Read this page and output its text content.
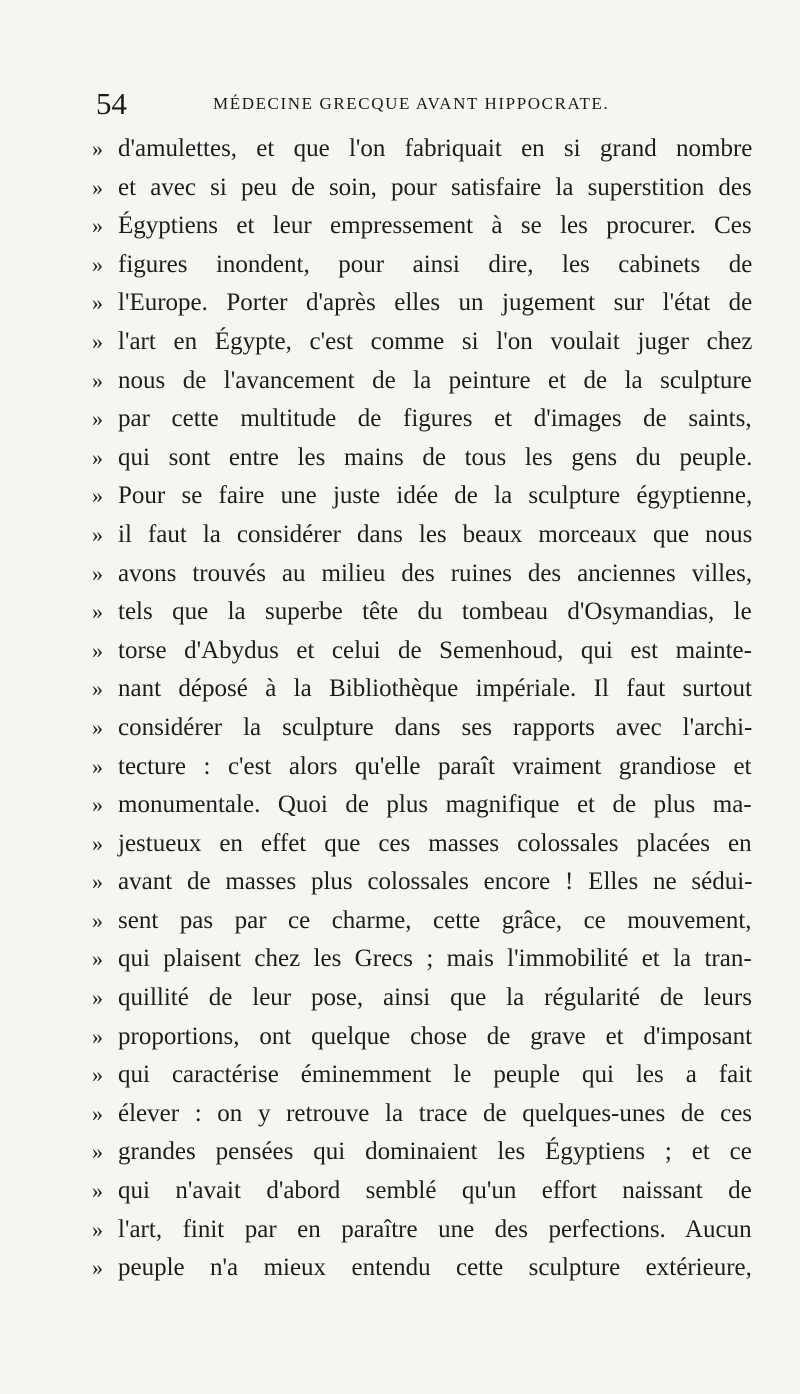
54	MÉDECINE GRECQUE AVANT HIPPOCRATE.
» d'amulettes, et que l'on fabriquait en si grand nombre
» et avec si peu de soin, pour satisfaire la superstition des
» Égyptiens et leur empressement à se les procurer. Ces
» figures inondent, pour ainsi dire, les cabinets de
» l'Europe. Porter d'après elles un jugement sur l'état de
» l'art en Égypte, c'est comme si l'on voulait juger chez
» nous de l'avancement de la peinture et de la sculpture
» par cette multitude de figures et d'images de saints,
» qui sont entre les mains de tous les gens du peuple.
» Pour se faire une juste idée de la sculpture égyptienne,
» il faut la considérer dans les beaux morceaux que nous
» avons trouvés au milieu des ruines des anciennes villes,
» tels que la superbe tête du tombeau d'Osymandias, le
» torse d'Abydus et celui de Semenhoud, qui est mainte-
» nant déposé à la Bibliothèque impériale. Il faut surtout
» considérer la sculpture dans ses rapports avec l'archi-
» tecture : c'est alors qu'elle paraît vraiment grandiose et
» monumentale. Quoi de plus magnifique et de plus ma-
» jestueux en effet que ces masses colossales placées en
» avant de masses plus colossales encore ! Elles ne sédui-
» sent pas par ce charme, cette grâce, ce mouvement,
» qui plaisent chez les Grecs ; mais l'immobilité et la tran-
» quillité de leur pose, ainsi que la régularité de leurs
» proportions, ont quelque chose de grave et d'imposant
» qui caractérise éminemment le peuple qui les a fait
» élever : on y retrouve la trace de quelques-unes de ces
» grandes pensées qui dominaient les Égyptiens ; et ce
» qui n'avait d'abord semblé qu'un effort naissant de
» l'art, finit par en paraître une des perfections. Aucun
» peuple n'a mieux entendu cette sculpture extérieure,
